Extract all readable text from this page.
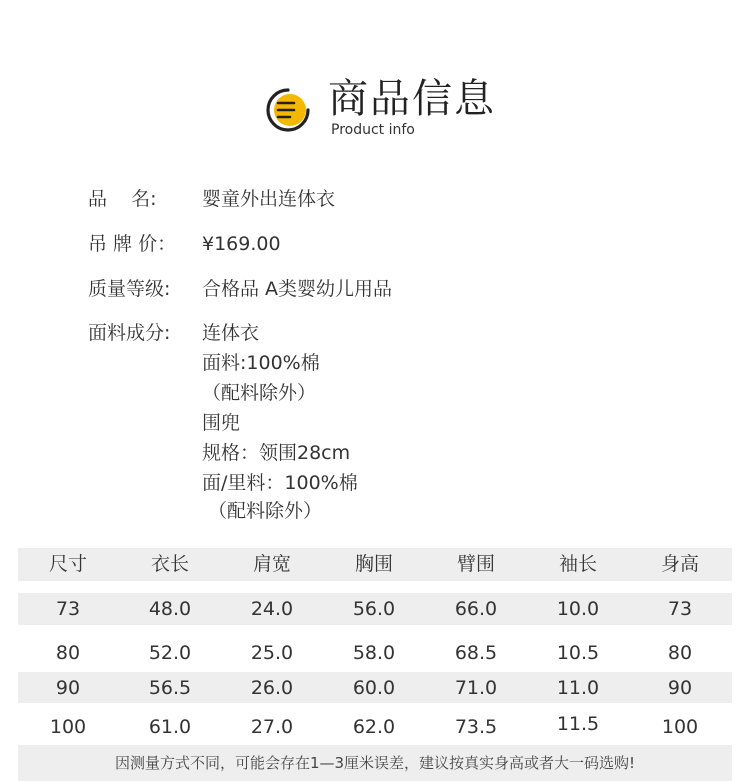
商品信息
Product info
品    名: 婴童外出连体衣
吊 牌 价： ¥169.00
质量等级: 合格品 A类婴幼儿用品
面料成分: 连体衣
面料:100%棉
（配料除外）
围兜
规格：领围28cm
面/里料：100%棉
（配料除外）
尺寸	衣长	肩宽	胸围	臂围	袖长	身高
73	48.0	24.0	56.0	66.0	10.0	73
80	52.0	25.0	58.0	68.5	10.5	80
90	56.5	26.0	60.0	71.0	11.0	90
100	61.0	27.0	62.0	73.5	11.5	100
因测量方式不同，可能会存在1—3厘米误差，建议按真实身高或者大一码选购!
